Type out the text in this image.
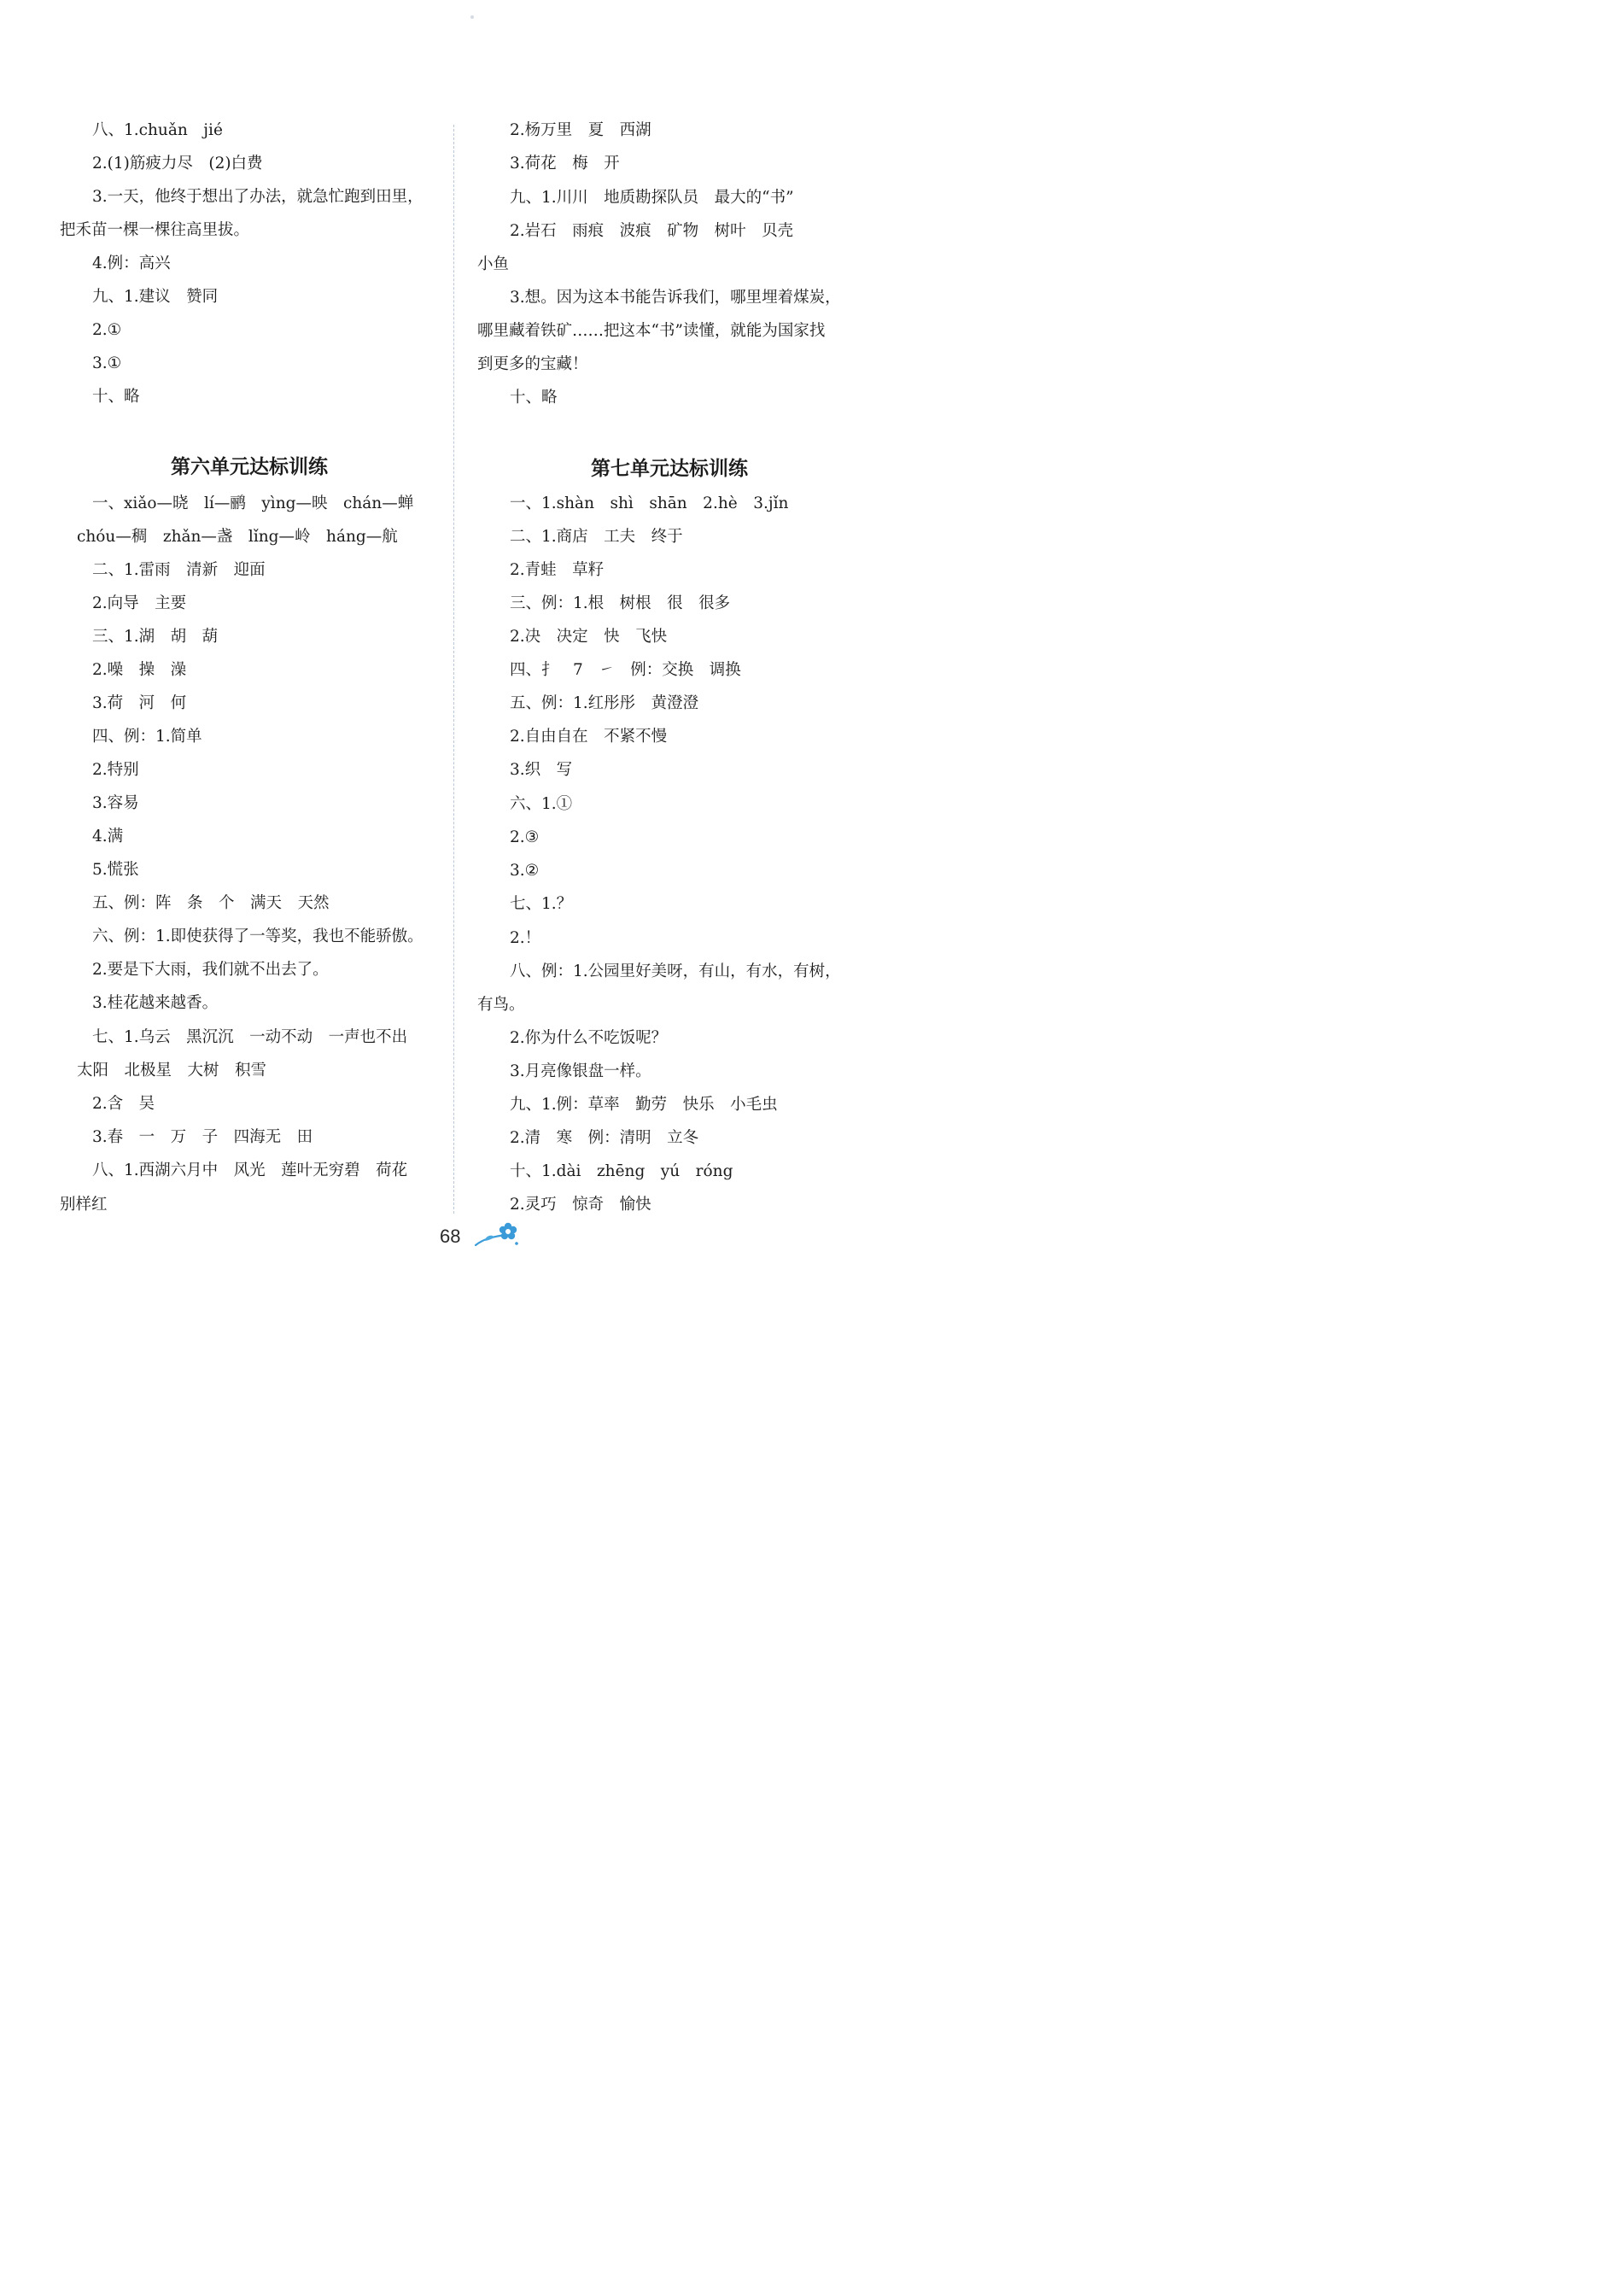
八、1.chuǎn　jié
2.(1)筋疲力尽　(2)白费
3.一天，他终于想出了办法，就急忙跑到田里，
把禾苗一棵一棵往高里拔。
4.例：高兴
九、1.建议　赞同
2.①
3.①
十、略
第六单元达标训练
一、xiǎo—晓　lí—鹂　yìng—映　chán—蝉
chóu—稠　zhǎn—盏　lǐng—岭　háng—航
二、1.雷雨　清新　迎面
2.向导　主要
三、1.湖　胡　葫
2.噪　操　澡
3.荷　河　何
四、例：1.简单
2.特别
3.容易
4.满
5.慌张
五、例：阵　条　个　满天　天然
六、例：1.即使获得了一等奖，我也不能骄傲。
2.要是下大雨，我们就不出去了。
3.桂花越来越香。
七、1.乌云　黑沉沉　一动不动　一声也不出
太阳　北极星　大树　积雪
2.含　吴
3.春　一　万　子　四海无　田
八、1.西湖六月中　风光　莲叶无穷碧　荷花
别样红
2.杨万里　夏　西湖
3.荷花　梅　开
九、1.川川　地质勘探队员　最大的“书”
2.岩石　雨痕　波痕　矿物　树叶　贝壳
小鱼
3.想。因为这本书能告诉我们，哪里埋着煤炭，
哪里藏着铁矿……把这本“书”读懂，就能为国家找
到更多的宝藏！
十、略
第七单元达标训练
一、1.shàn　shì　shān　2.hè　3.jǐn
二、1.商店　工夫　终于
2.青蛙　草籽
三、例：1.根　树根　很　很多
2.决　决定　快　飞快
四、扌　7　㇀　例：交换　调换
五、例：1.红彤彤　黄澄澄
2.自由自在　不紧不慢
3.织　写
六、1.①
2.③
3.②
七、1.？
2.！
八、例：1.公园里好美呀，有山，有水，有树，
有鸟。
2.你为什么不吃饭呢？
3.月亮像银盘一样。
九、1.例：草率　勤劳　快乐　小毛虫
2.清　寒　例：清明　立冬
十、1.dài　zhēng　yú　róng
2.灵巧　惊奇　愉快
68
